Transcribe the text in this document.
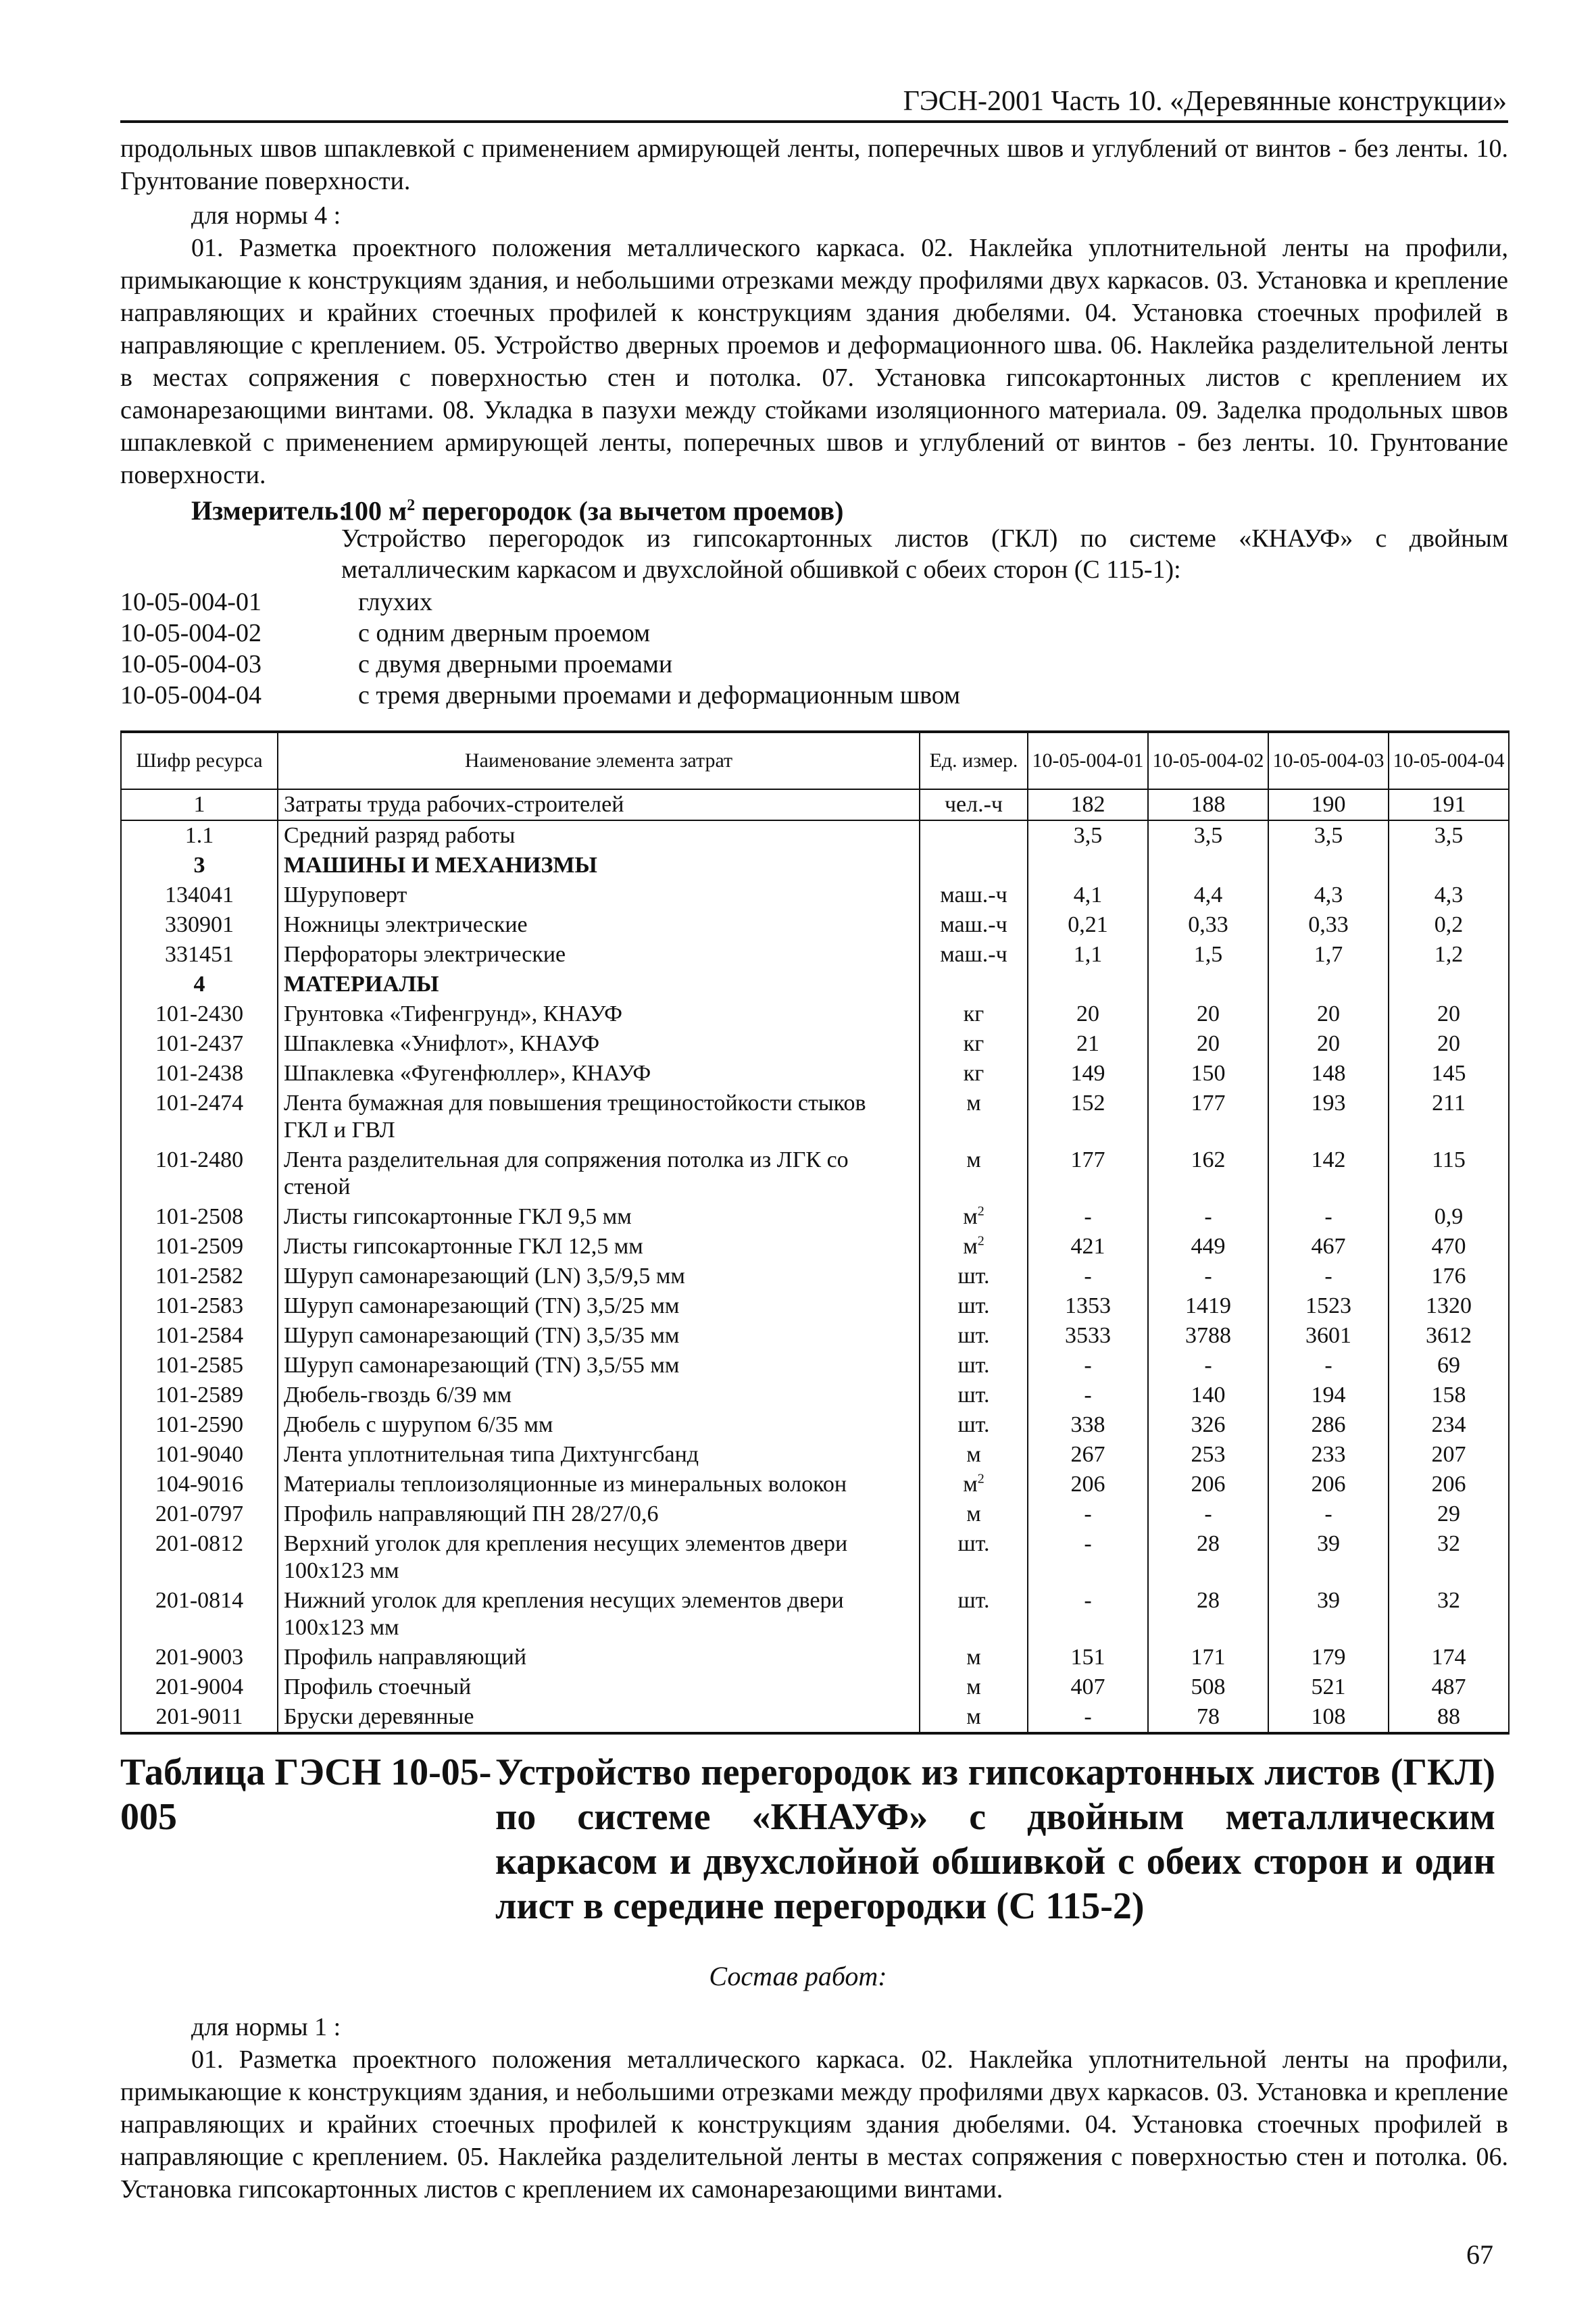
ГЭСН-2001 Часть 10. «Деревянные конструкции»
продольных швов шпаклевкой с применением армирующей ленты, поперечных швов и углублений от винтов - без ленты. 10. Грунтование поверхности.
для нормы 4 :
01. Разметка проектного положения металлического каркаса. 02. Наклейка уплотнительной ленты на профили, примыкающие к конструкциям здания, и небольшими отрезками между профилями двух каркасов. 03. Установка и крепление направляющих и крайних стоечных профилей к конструкциям здания дюбелями. 04. Установка стоечных профилей в направляющие с креплением. 05. Устройство дверных проемов и деформационного шва. 06. Наклейка разделительной ленты в местах сопряжения с поверхностью стен и потолка. 07. Установка гипсокартонных листов с креплением их самонарезающими винтами. 08. Укладка в пазухи между стойками изоляционного материала. 09. Заделка продольных швов шпаклевкой с применением армирующей ленты, поперечных швов и углублений от винтов - без ленты. 10. Грунтование поверхности.
Измеритель:100 $м^2$ перегородок (за вычетом проемов)
Устройство перегородок из гипсокартонных листов (ГКЛ) по системе «КНАУФ» с двойным металлическим каркасом и двухслойной обшивкой с обеих сторон (С 115-1):
10-05-004-01	глухих
10-05-004-02	с одним дверным проемом
10-05-004-03	с двумя дверными проемами
10-05-004-04	с тремя дверными проемами и деформационным швом
Шифр ресурса	Наименование элемента затрат	Ед. измер.	10-05-004-01	10-05-004-02	10-05-004-03	10-05-004-04
1	Затраты труда рабочих-строителей	чел.-ч	182	188	190	191
1.1	Средний разряд работы		3,5	3,5	3,5	3,5
3	МАШИНЫ И МЕХАНИЗМЫ					
134041	Шуруповерт	маш.-ч	4,1	4,4	4,3	4,3
330901	Ножницы электрические	маш.-ч	0,21	0,33	0,33	0,2
331451	Перфораторы электрические	маш.-ч	1,1	1,5	1,7	1,2
4	МАТЕРИАЛЫ					
101-2430	Грунтовка «Тифенгрунд», КНАУФ	кг	20	20	20	20
101-2437	Шпаклевка «Унифлот», КНАУФ	кг	21	20	20	20
101-2438	Шпаклевка «Фугенфюллер», КНАУФ	кг	149	150	148	145
101-2474	Лента бумажная для повышения трещиностойкости стыков ГКЛ и ГВЛ	м	152	177	193	211
101-2480	Лента разделительная для сопряжения потолка из ЛГК со стеной	м	177	162	142	115
101-2508	Листы гипсокартонные ГКЛ 9,5 мм	$м^2$	-	-	-	0,9
101-2509	Листы гипсокартонные ГКЛ 12,5 мм	$м^2$	421	449	467	470
101-2582	Шуруп самонарезающий (LN) 3,5/9,5 мм	шт.	-	-	-	176
101-2583	Шуруп самонарезающий (TN) 3,5/25 мм	шт.	1353	1419	1523	1320
101-2584	Шуруп самонарезающий (TN) 3,5/35 мм	шт.	3533	3788	3601	3612
101-2585	Шуруп самонарезающий (TN) 3,5/55 мм	шт.	-	-	-	69
101-2589	Дюбель-гвоздь 6/39 мм	шт.	-	140	194	158
101-2590	Дюбель с шурупом 6/35 мм	шт.	338	326	286	234
101-9040	Лента уплотнительная типа Дихтунгсбанд	м	267	253	233	207
104-9016	Материалы теплоизоляционные из минеральных волокон	$м^2$	206	206	206	206
201-0797	Профиль направляющий ПН 28/27/0,6	м	-	-	-	29
201-0812	Верхний уголок для крепления несущих элементов двери 100х123 мм	шт.	-	28	39	32
201-0814	Нижний уголок для крепления несущих элементов двери 100х123 мм	шт.	-	28	39	32
201-9003	Профиль направляющий	м	151	171	179	174
201-9004	Профиль стоечный	м	407	508	521	487
201-9011	Бруски деревянные	м	-	78	108	88
Таблица ГЭСН 10-05-005Устройство перегородок из гипсокартонных листов (ГКЛ) по системе «КНАУФ» с двойным металлическим каркасом и двухслойной обшивкой с обеих сторон и один лист в середине перегородки (С 115-2)
Состав работ:
для нормы 1 :
01. Разметка проектного положения металлического каркаса. 02. Наклейка уплотнительной ленты на профили, примыкающие к конструкциям здания, и небольшими отрезками между профилями двух каркасов. 03. Установка и крепление направляющих и крайних стоечных профилей к конструкциям здания дюбелями. 04. Установка стоечных профилей в направляющие с креплением. 05. Наклейка разделительной ленты в местах сопряжения с поверхностью стен и потолка. 06. Установка гипсокартонных листов с креплением их самонарезающими винтами.
67
